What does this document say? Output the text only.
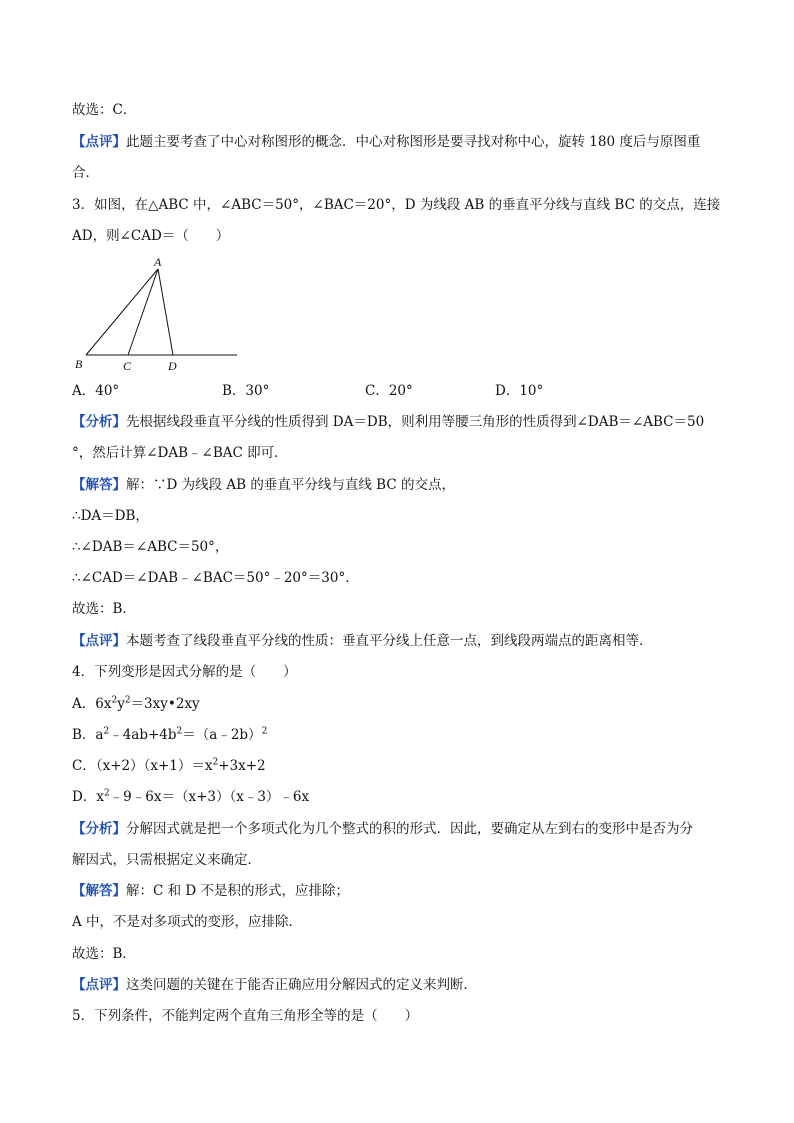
故选：C．
【点评】此题主要考查了中心对称图形的概念．中心对称图形是要寻找对称中心，旋转 180 度后与原图重
合．
3．如图，在△ABC 中，∠ABC＝50°，∠BAC＝20°，D 为线段 AB 的垂直平分线与直线 BC 的交点，连接
AD，则∠CAD＝（　　）
A
B	C	D
A．40°	B．30°	C．20°	D．10°
【分析】先根据线段垂直平分线的性质得到 DA＝DB，则利用等腰三角形的性质得到∠DAB＝∠ABC＝50
°，然后计算∠DAB﹣∠BAC 即可．
【解答】解：∵D 为线段 AB 的垂直平分线与直线 BC 的交点，
∴DA＝DB，
∴∠DAB＝∠ABC＝50°，
∴∠CAD＝∠DAB﹣∠BAC＝50°﹣20°＝30°．
故选：B．
【点评】本题考查了线段垂直平分线的性质：垂直平分线上任意一点，到线段两端点的距离相等．
4．下列变形是因式分解的是（　　）
A．$6x^2y^2=3xy•2xy$
B．$a^2﹣4ab+4b^2=(a﹣2b)^2$
C．$(x+2)(x+1)=x^2+3x+2$
D．$x^2﹣9﹣6x=(x+3)(x﹣3)﹣6x$
【分析】分解因式就是把一个多项式化为几个整式的积的形式．因此，要确定从左到右的变形中是否为分
解因式，只需根据定义来确定．
【解答】解：C 和 D 不是积的形式，应排除；
A 中，不是对多项式的变形，应排除．
故选：B．
【点评】这类问题的关键在于能否正确应用分解因式的定义来判断．
5．下列条件，不能判定两个直角三角形全等的是（　　）
